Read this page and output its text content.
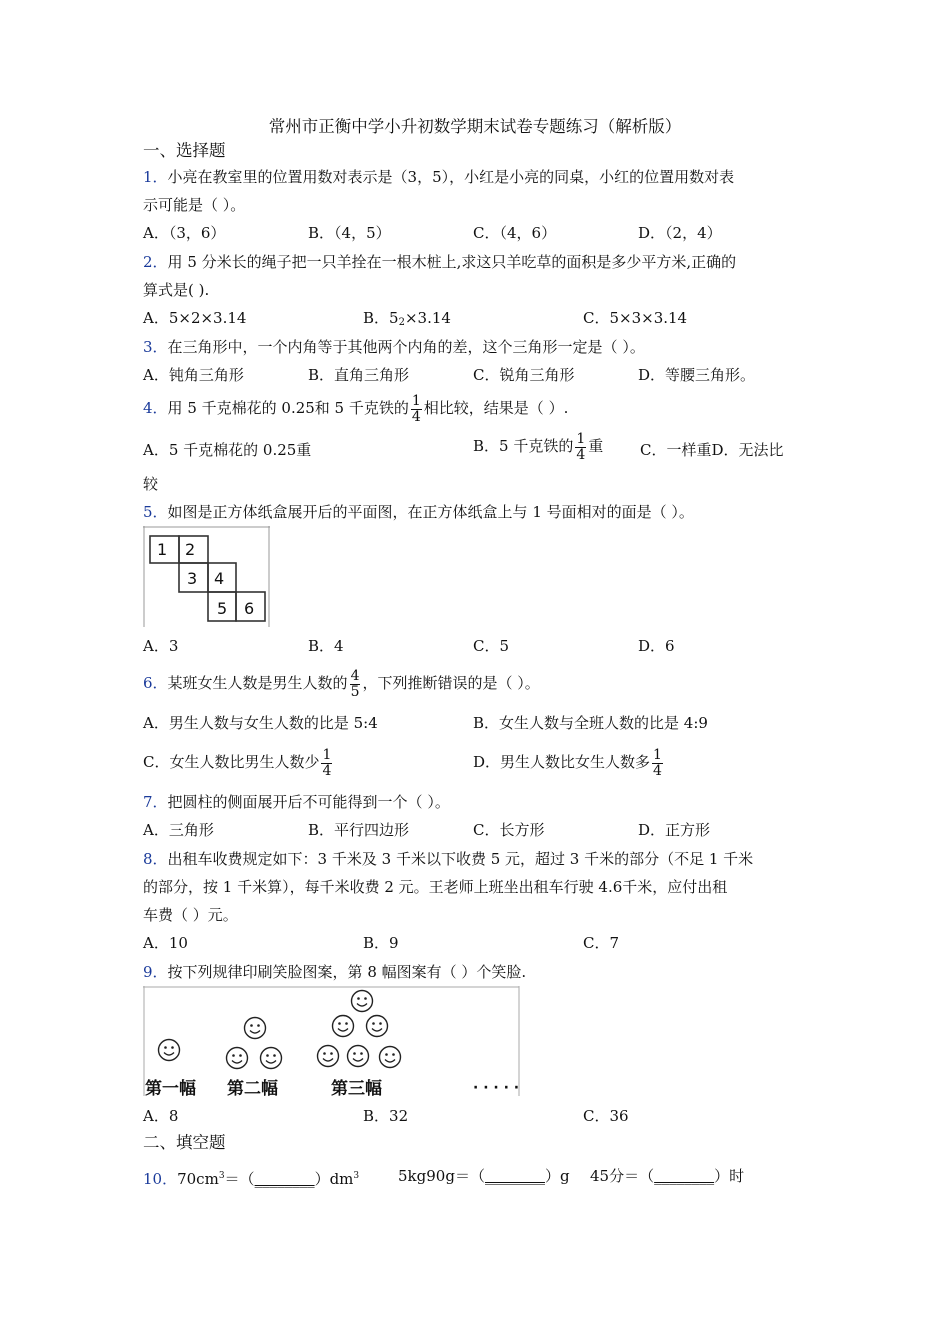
常州市正衡中学小升初数学期末试卷专题练习（解析版）
一、选择题
1．小亮在教室里的位置用数对表示是（3，5），小红是小亮的同桌，小红的位置用数对表
示可能是（ ）。
A．（3，6）	B．（4，5）	C．（4，6）	D．（2，4）
2．用 5 分米长的绳子把一只羊拴在一根木桩上,求这只羊吃草的面积是多少平方米,正确的
算式是( ).
A．5×2×3.14	B．52×3.14	C．5×3×3.14
3．在三角形中，一个内角等于其他两个内角的差，这个三角形一定是（ ）。
A．钝角三角形	B．直角三角形	C．锐角三角形	D．等腰三角形。
4．用 5 千克棉花的 0.25和 5 千克铁的 $\frac{1}{4}$ 相比较，结果是（ ）.
A．5 千克棉花的 0.25重	B．5 千克铁的 $\frac{1}{4}$ 重 C．一样重D．无法比
较
5．如图是正方体纸盒展开后的平面图，在正方体纸盒上与 1 号面相对的面是（ ）。
1 2
3 4
5 6
A．3	B．4	C．5	D．6
6．某班女生人数是男生人数的 $\frac{4}{5}$ ，下列推断错误的是（ ）。
A．男生人数与女生人数的比是 5:4	B．女生人数与全班人数的比是 4:9
C．女生人数比男生人数少 $\frac{1}{4}$	D．男生人数比女生人数多 $\frac{1}{4}$
7．把圆柱的侧面展开后不可能得到一个（ ）。
A．三角形	B．平行四边形	C．长方形	D．正方形
8．出租车收费规定如下：3 千米及 3 千米以下收费 5 元，超过 3 千米的部分（不足 1 千米
的部分，按 1 千米算），每千米收费 2 元。王老师上班坐出租车行驶 4.6千米，应付出租
车费（ ）元。
A．10	B．9	C．7
9．按下列规律印刷笑脸图案，第 8 幅图案有（ ）个笑脸.
第一幅 第二幅	第三幅	· · · · ·
A．8	B．32	C．36
二、填空题
10．$70cm^3=(\_\_\_\_\_\_\_\_)dm^3$	5kg90g＝（________）g 45分＝（________）时
